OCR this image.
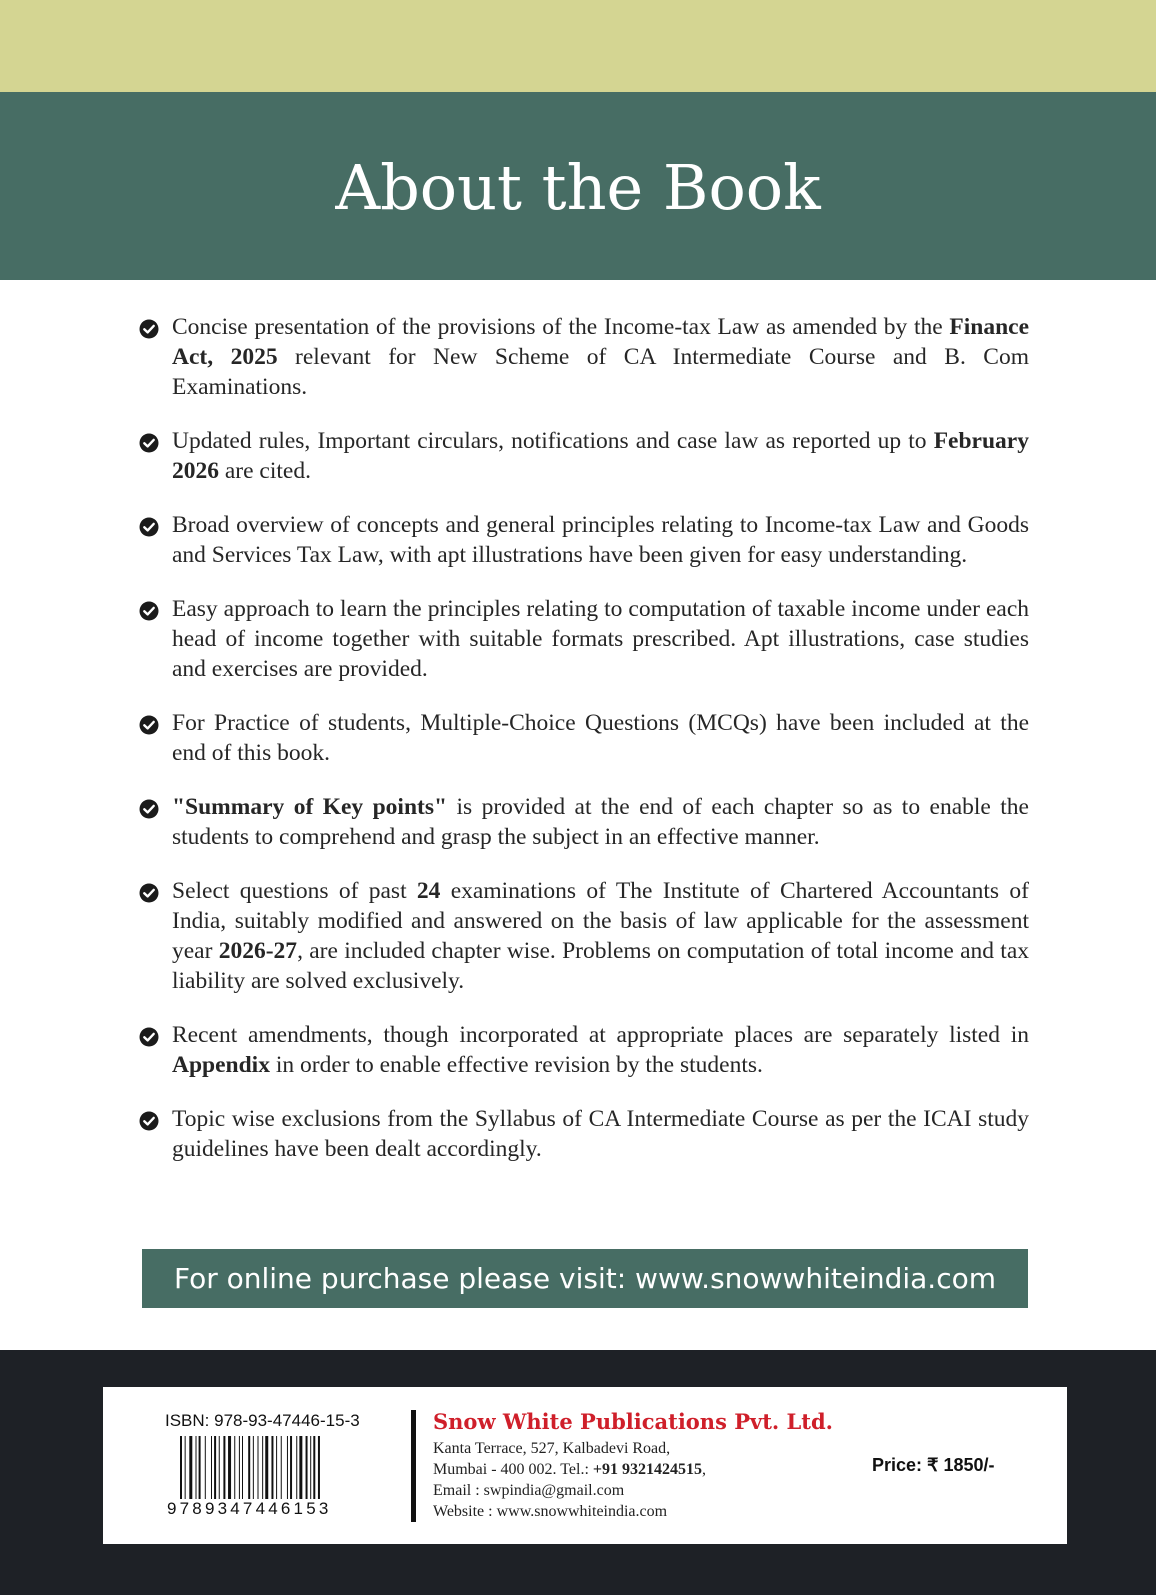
About the Book
Concise presentation of the provisions of the Income-tax Law as amended by the Finance Act, 2025 relevant for New Scheme of CA Intermediate Course and B. Com Examinations.
Updated rules, Important circulars, notifications and case law as reported up to February 2026 are cited.
Broad overview of concepts and general principles relating to Income-tax Law and Goods and Services Tax Law, with apt illustrations have been given for easy understanding.
Easy approach to learn the principles relating to computation of taxable income under each head of income together with suitable formats prescribed. Apt illustrations, case studies and exercises are provided.
For Practice of students, Multiple-Choice Questions (MCQs) have been included at the end of this book.
"Summary of Key points" is provided at the end of each chapter so as to enable the students to comprehend and grasp the subject in an effective manner.
Select questions of past 24 examinations of The Institute of Chartered Accountants of India, suitably modified and answered on the basis of law applicable for the assessment year 2026-27, are included chapter wise. Problems on computation of total income and tax liability are solved exclusively.
Recent amendments, though incorporated at appropriate places are separately listed in Appendix in order to enable effective revision by the students.
Topic wise exclusions from the Syllabus of CA Intermediate Course as per the ICAI study guidelines have been dealt accordingly.
For online purchase please visit: www.snowwhiteindia.com
ISBN: 978-93-47446-15-3
9789347446153
Snow White Publications Pvt. Ltd.
Kanta Terrace, 527, Kalbadevi Road,
Mumbai - 400 002. Tel.: +91 9321424515,
Email : swpindia@gmail.com
Website : www.snowwhiteindia.com
Price: ₹ 1850/-
